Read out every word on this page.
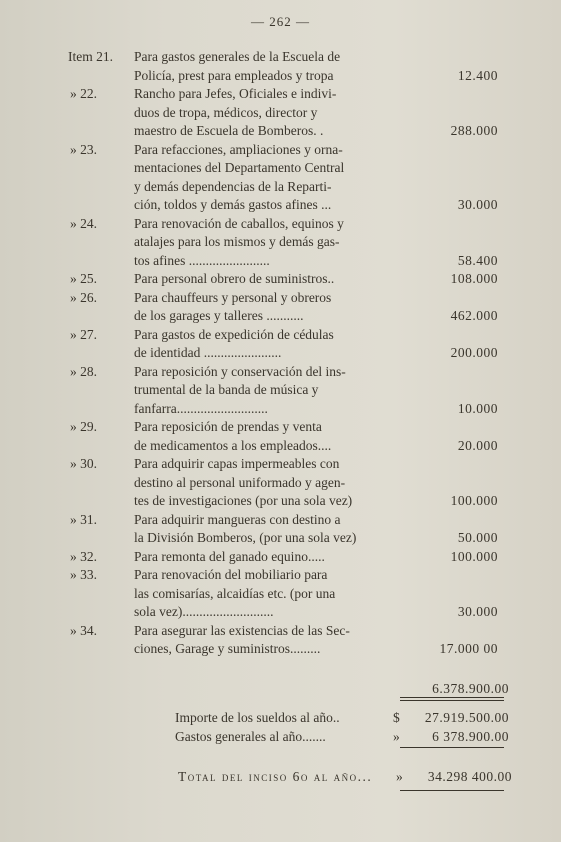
— 262 —
Item 21. Para gastos generales de la Escuela de
Policía, prest para empleados y tropa	12.400
» 22.	Rancho para Jefes, Oficiales e indivi-
duos de tropa, médicos, director y
maestro de Escuela de Bomberos. .	288.000
» 23.	Para refacciones, ampliaciones y orna-
mentaciones del Departamento Central
y demás dependencias de la Reparti-
ción, toldos y demás gastos afines ...	30.000
» 24.	Para renovación de caballos, equinos y
atalajes para los mismos y demás gas-
tos afines ........................	58.400
» 25.	Para personal obrero de suministros..	108.000
» 26.	Para chauffeurs y personal y obreros
de los garages y talleres ...........	462.000
» 27.	Para gastos de expedición de cédulas
de identidad .......................	200.000
» 28.	Para reposición y conservación del ins-
trumental de la banda de música y
fanfarra...........................	10.000
» 29.	Para reposición de prendas y venta
de medicamentos a los empleados....	20.000
» 30.	Para adquirir capas impermeables con
destino al personal uniformado y agen-
tes de investigaciones (por una sola vez)	100.000
» 31.	Para adquirir mangueras con destino a
la División Bomberos, (por una sola vez)	50.000
» 32.	Para remonta del ganado equino.....	100.000
» 33.	Para renovación del mobiliario para
las comisarías, alcaidías etc. (por una
sola vez)...........................	30.000
» 34.	Para asegurar las existencias de las Sec-
ciones, Garage y suministros.........	17.000 00
6.378.900.00
Importe de los sueldos al año..	$ 27.919.500.00
Gastos generales al año.......	» 6 378.900.00
Total del inciso 6o al año... » 34.298 400.00
